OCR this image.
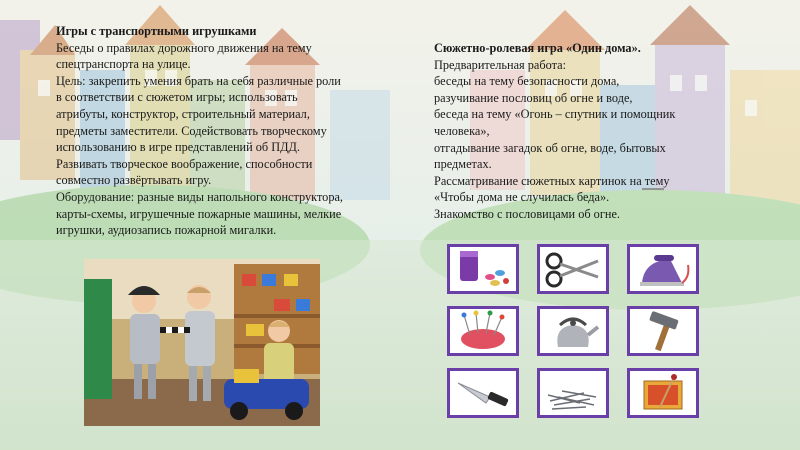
Игры с транспортными игрушками
Беседы о правилах дорожного движения на тему
спецтранспорта на улице.
Цель: закрепить умения брать на себя различные роли
в соответствии с сюжетом игры; использовать
атрибуты, конструктор, строительный материал,
предметы заместители. Содействовать творческому
использованию в игре представлений об ПДД.
Развивать творческое воображение, способности
совместно развёртывать игру.
Оборудование: разные виды напольного конструктора,
карты-схемы, игрушечные пожарные машины, мелкие
игрушки, аудиозапись пожарной мигалки.
Сюжетно-ролевая игра «Один дома».
Предварительная работа:
беседы на тему безопасности дома,
разучивание пословиц об огне и воде,
беседа на тему «Огонь – спутник и помощник
человека»,
отгадывание загадок об огне, воде, бытовых
предметах.
Рассматривание сюжетных картинок на тему
«Чтобы дома не случилась беда».
Знакомство с пословицами об огне.
